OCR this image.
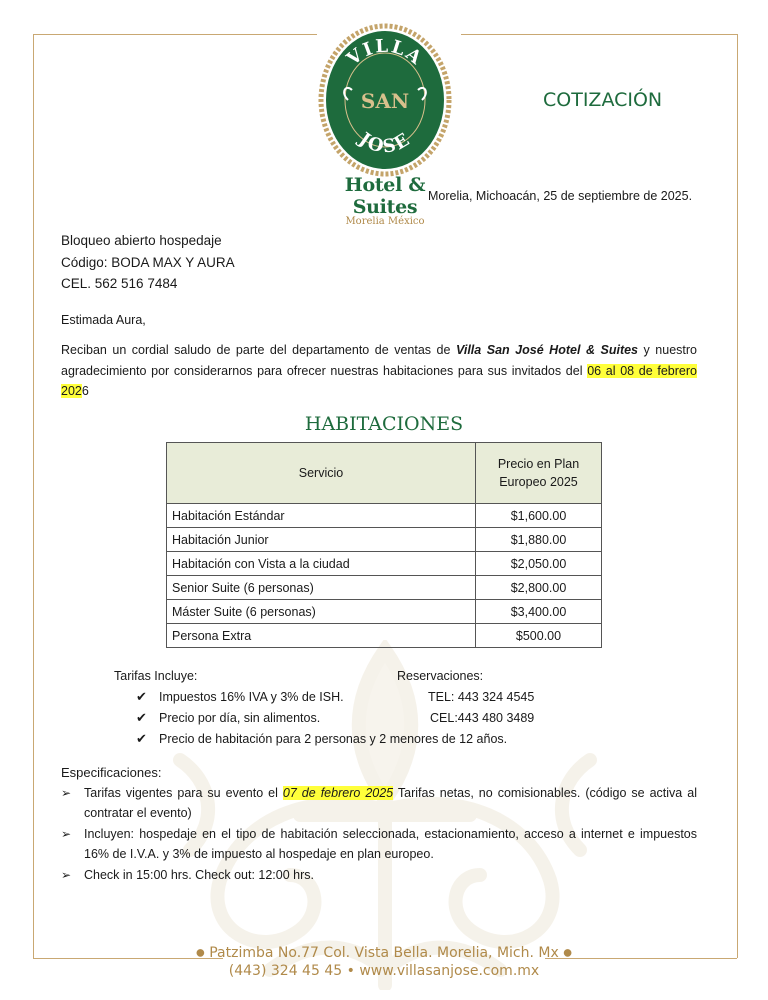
VILLA
JOSE
SAN
Hotel & Suites
Morelia México
COTIZACIÓN
Morelia, Michoacán, 25 de septiembre de 2025.
Bloqueo abierto hospedaje
Código: BODA MAX Y AURA
CEL. 562 516 7484
Estimada Aura,
Reciban un cordial saludo de parte del departamento de ventas de Villa San José Hotel & Suites y nuestro agradecimiento por considerarnos para ofrecer nuestras habitaciones para sus invitados del 06 al 08 de febrero 2026
HABITACIONES
Servicio	Precio en Plan
Europeo 2025

Habitación Estándar	$1,600.00
Habitación Junior	$1,880.00
Habitación con Vista a la ciudad	$2,050.00
Senior Suite (6 personas)	$2,800.00
Máster Suite (6 personas)	$3,400.00
Persona Extra	$500.00
Tarifas Incluye:
✔ Impuestos 16% IVA y 3% de ISH.
✔ Precio por día, sin alimentos.
✔ Precio de habitación para 2 personas y 2 menores de 12 años.
Reservaciones:
TEL: 443 324 4545
CEL:443 480 3489
Especificaciones:
➢ Tarifas vigentes para su evento el 07 de febrero 2025 Tarifas netas, no comisionables. (código se activa al contratar el evento)
➢ Incluyen: hospedaje en el tipo de habitación seleccionada, estacionamiento, acceso a internet e impuestos 16% de I.V.A. y 3% de impuesto al hospedaje en plan europeo.
➢ Check in 15:00 hrs. Check out: 12:00 hrs.
● Patzimba No.77 Col. Vista Bella. Morelia, Mich. Mx ●
(443) 324 45 45 • www.villasanjose.com.mx
